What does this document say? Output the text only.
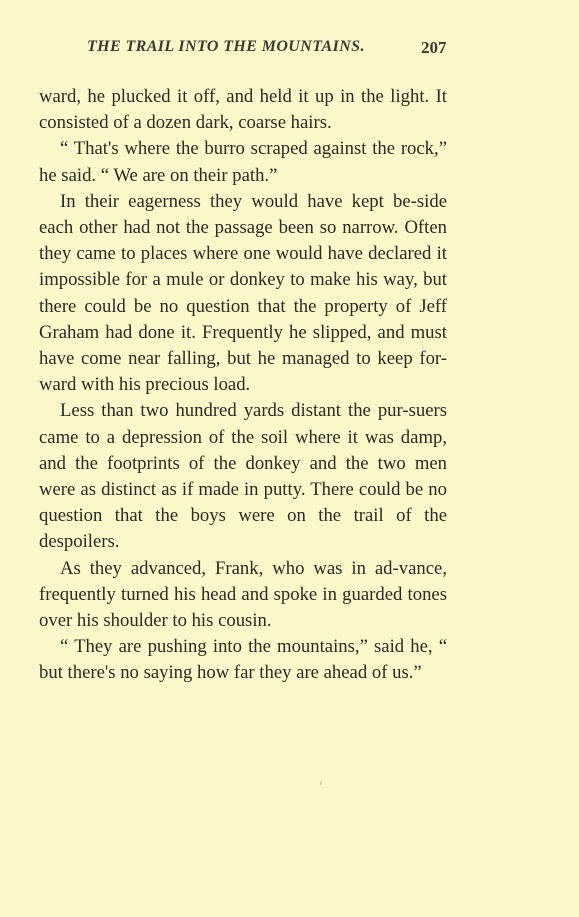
THE TRAIL INTO THE MOUNTAINS.	207

ward, he plucked it off, and held it up in the light. It consisted of a dozen dark, coarse hairs.

“ That's where the burro scraped against the rock,” he said. “ We are on their path.”

In their eagerness they would have kept be-side each other had not the passage been so narrow. Often they came to places where one would have declared it impossible for a mule or donkey to make his way, but there could be no question that the property of Jeff Graham had done it. Frequently he slipped, and must have come near falling, but he managed to keep for-ward with his precious load.

Less than two hundred yards distant the pur-suers came to a depression of the soil where it was damp, and the footprints of the donkey and the two men were as distinct as if made in putty. There could be no question that the boys were on the trail of the despoilers.

As they advanced, Frank, who was in ad-vance, frequently turned his head and spoke in guarded tones over his shoulder to his cousin.

“ They are pushing into the mountains,” said he, “ but there's no saying how far they are ahead of us.”
